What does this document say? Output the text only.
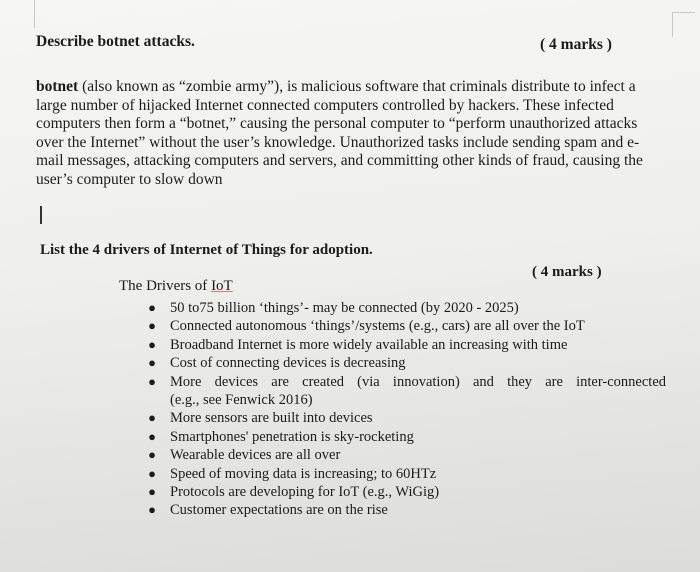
Describe botnet attacks.	( 4 marks )
botnet (also known as “zombie army”), is malicious software that criminals distribute to infect a large number of hijacked Internet connected computers controlled by hackers. These infected computers then form a “botnet,” causing the personal computer to “perform unauthorized attacks over the Internet” without the user’s knowledge. Unauthorized tasks include sending spam and e-mail messages, attacking computers and servers, and committing other kinds of fraud, causing the user’s computer to slow down
List the 4 drivers of Internet of Things for adoption.
( 4 marks )
The Drivers of IoT
● 50 to75 billion ‘things’- may be connected (by 2020 - 2025)
● Connected autonomous ‘things’/systems (e.g., cars) are all over the IoT
● Broadband Internet is more widely available an increasing with time
● Cost of connecting devices is decreasing
● More devices are created (via innovation) and they are inter-connected
(e.g., see Fenwick 2016)
● More sensors are built into devices
● Smartphones' penetration is sky-rocketing
● Wearable devices are all over
● Speed of moving data is increasing; to 60HTz
● Protocols are developing for IoT (e.g., WiGig)
● Customer expectations are on the rise
